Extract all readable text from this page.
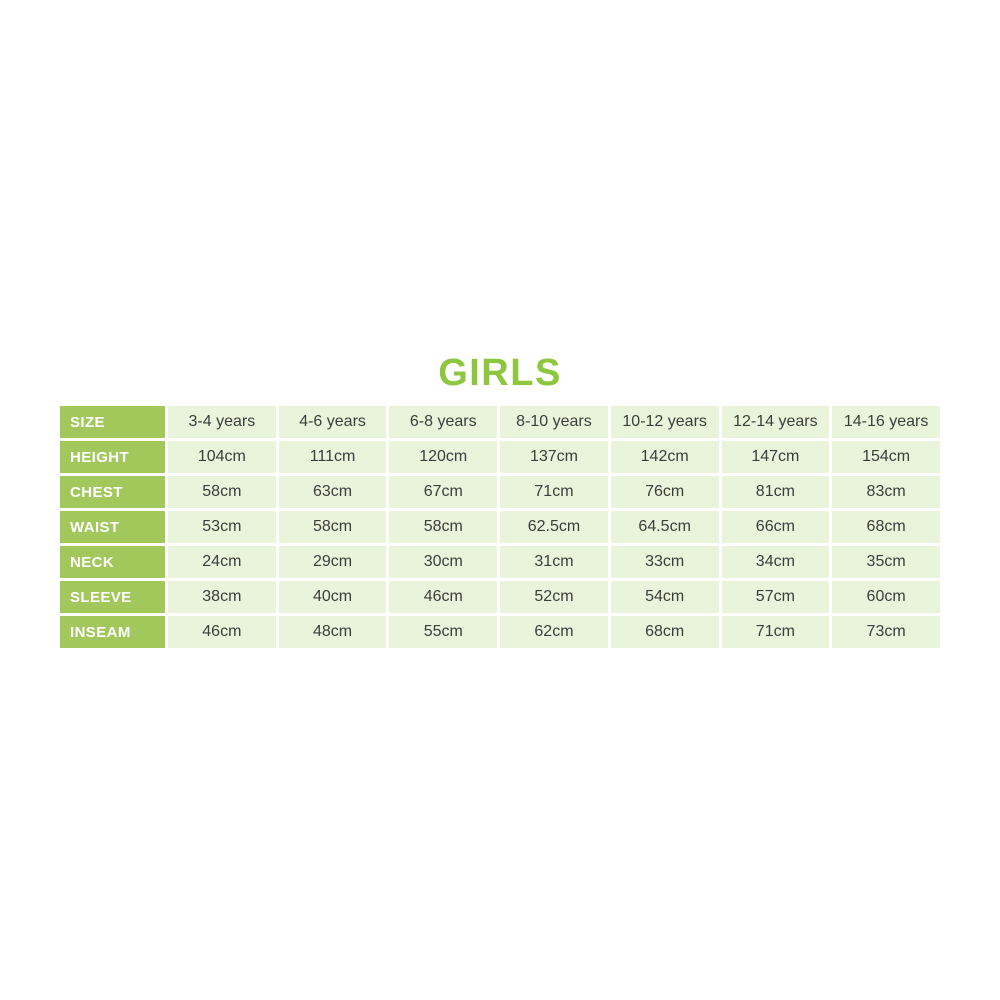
GIRLS
SIZE	3-4 years	4-6 years	6-8 years	8-10 years	10-12 years	12-14 years	14-16 years
HEIGHT	104cm	111cm	120cm	137cm	142cm	147cm	154cm
CHEST	58cm	63cm	67cm	71cm	76cm	81cm	83cm
WAIST	53cm	58cm	58cm	62.5cm	64.5cm	66cm	68cm
NECK	24cm	29cm	30cm	31cm	33cm	34cm	35cm
SLEEVE	38cm	40cm	46cm	52cm	54cm	57cm	60cm
INSEAM	46cm	48cm	55cm	62cm	68cm	71cm	73cm
